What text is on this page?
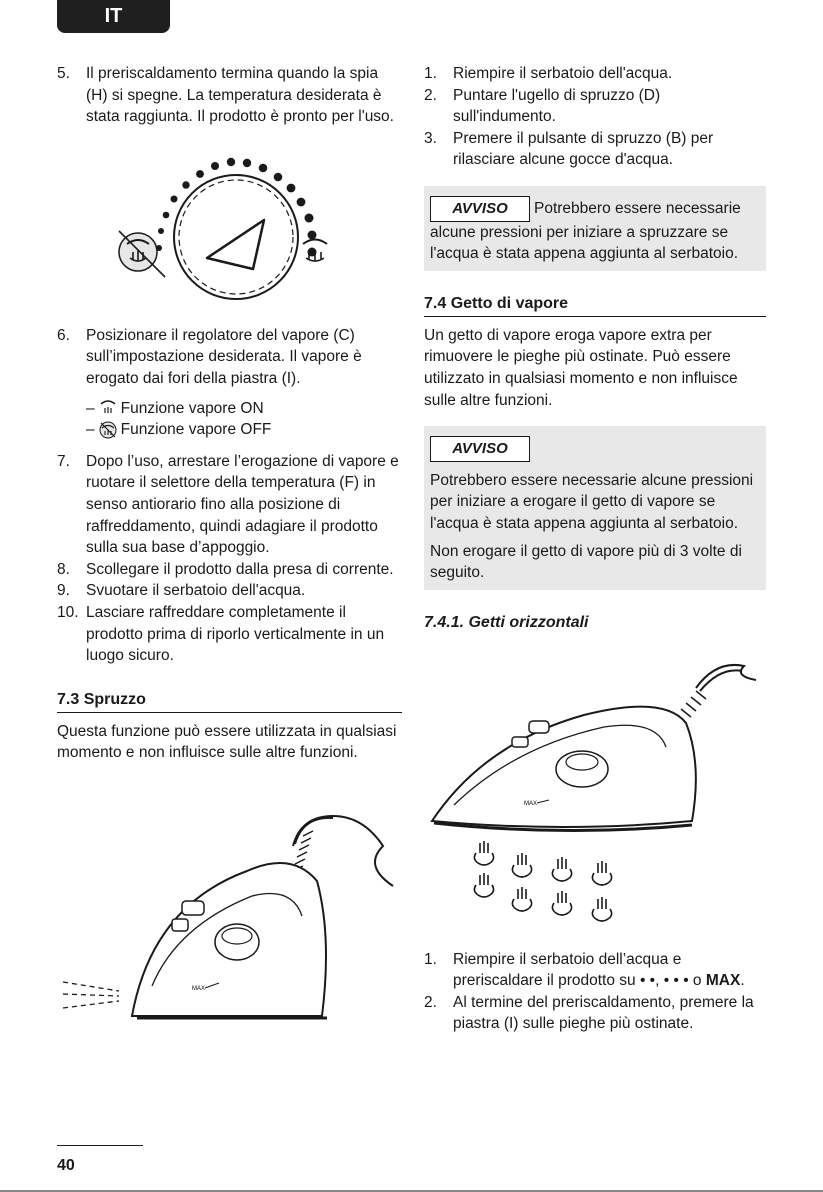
IT
5. Il preriscaldamento termina quando la spia (H) si spegne. La temperatura desiderata è stata raggiunta. Il prodotto è pronto per l'uso.
6. Posizionare il regolatore del vapore (C) sull’impostazione desiderata. Il vapore è erogato dai fori della piastra (I).
– Funzione vapore ON
– Funzione vapore OFF
7. Dopo l’uso, arrestare l’erogazione di vapore e ruotare il selettore della temperatura (F) in senso antiorario fino alla posizione di raffreddamento, quindi adagiare il prodotto sulla sua base d’appoggio.
8. Scollegare il prodotto dalla presa di corrente.
9. Svuotare il serbatoio dell'acqua.
10. Lasciare raffreddare completamente il prodotto prima di riporlo verticalmente in un luogo sicuro.
7.3 Spruzzo

Questa funzione può essere utilizzata in qualsiasi momento e non influisce sulle altre funzioni.

MAX
1. Riempire il serbatoio dell'acqua.
2. Puntare l'ugello di spruzzo (D) sull'indumento.
3. Premere il pulsante di spruzzo (B) per rilasciare alcune gocce d'acqua.

AVVISO Potrebbero essere necessarie alcune pressioni per iniziare a spruzzare se l'acqua è stata appena aggiunta al serbatoio.

7.4 Getto di vapore

Un getto di vapore eroga vapore extra per rimuovere le pieghe più ostinate. Può essere utilizzato in qualsiasi momento e non influisce sulle altre funzioni.

AVVISO

Potrebbero essere necessarie alcune pressioni per iniziare a erogare il getto di vapore se l'acqua è stata appena aggiunta al serbatoio.

Non erogare il getto di vapore più di 3 volte di seguito.

7.4.1. Getti orizzontali
MAX
1. Riempire il serbatoio dell’acqua e preriscaldare il prodotto su • •, • • • o MAX.
2. Al termine del preriscaldamento, premere la piastra (I) sulle pieghe più ostinate.
40
